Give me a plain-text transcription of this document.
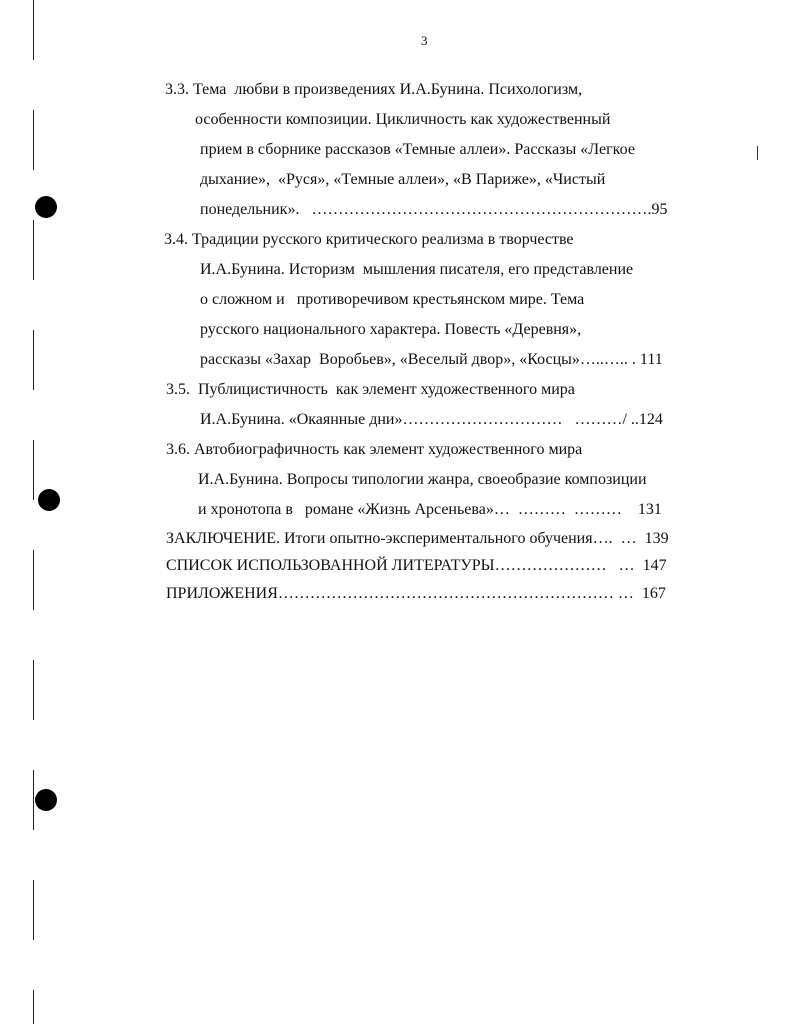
3
3.3. Тема  любви в произведениях И.А.Бунина. Психологизм,
особенности композиции. Цикличность как художественный
прием в сборнике рассказов «Темные аллеи». Рассказы «Легкое
дыхание»,  «Руся», «Темные аллеи», «В Париже», «Чистый
понедельник».   ……………………………………………………….95
3.4. Традиции русского критического реализма в творчестве
И.А.Бунина. Историзм  мышления писателя, его представление
о сложном и   противоречивом крестьянском мире. Тема
русского национального характера. Повесть «Деревня»,
рассказы «Захар  Воробьев», «Веселый двор», «Косцы»…..….. . 111
3.5.  Публицистичность  как элемент художественного мира
И.А.Бунина. «Окаянные дни»…………………………   ………/ ..124
3.6. Автобиографичность как элемент художественного мира
И.А.Бунина. Вопросы типологии жанра, своеобразие композиции
и хронотопа в   романе «Жизнь Арсеньева»…  ………  ………    131
ЗАКЛЮЧЕНИЕ. Итоги опытно-экспериментального обучения….  …  139
СПИСОК ИСПОЛЬЗОВАННОЙ ЛИТЕРАТУРЫ…………………   …  147
ПРИЛОЖЕНИЯ……………………………………………………… …  167
